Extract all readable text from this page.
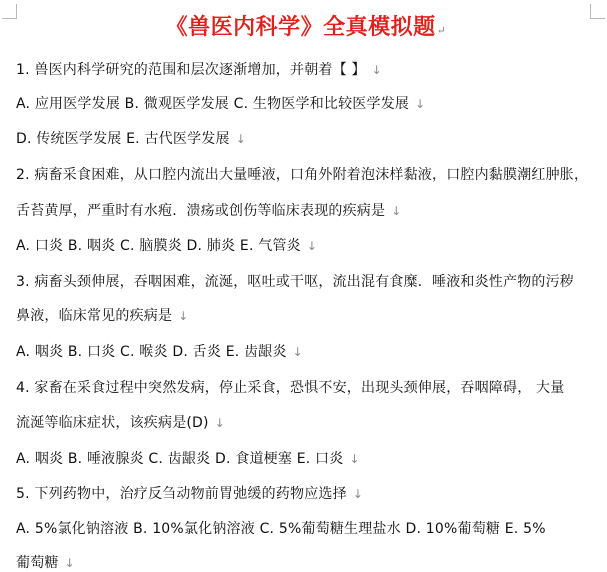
《兽医内科学》全真模拟题↵
1. 兽医内科学研究的范围和层次逐渐增加，并朝着【 】 ↓
A. 应用医学发展 B. 微观医学发展 C. 生物医学和比较医学发展 ↓
D. 传统医学发展 E. 古代医学发展 ↓
2. 病畜采食困难，从口腔内流出大量唾液，口角外附着泡沫样黏液，口腔内黏膜潮红肿胀，
舌苔黄厚，严重时有水疱．溃疡或创伤等临床表现的疾病是 ↓
A. 口炎 B. 咽炎 C. 脑膜炎 D. 肺炎 E. 气管炎 ↓
3. 病畜头颈伸展，吞咽困难，流涎，呕吐或干呕，流出混有食糜．唾液和炎性产物的污秽
鼻液，临床常见的疾病是 ↓
A. 咽炎 B. 口炎 C. 喉炎 D. 舌炎 E. 齿龈炎 ↓
4. 家畜在采食过程中突然发病，停止采食，恐惧不安，出现头颈伸展，吞咽障碍， 大量
流涎等临床症状，该疾病是(D) ↓
A. 咽炎 B. 唾液腺炎 C. 齿龈炎 D. 食道梗塞 E. 口炎 ↓
5. 下列药物中，治疗反刍动物前胃弛缓的药物应选择 ↓
A. 5%氯化钠溶液 B. 10%氯化钠溶液 C. 5%葡萄糖生理盐水 D. 10%葡萄糖 E. 5%
葡萄糖 ↓
